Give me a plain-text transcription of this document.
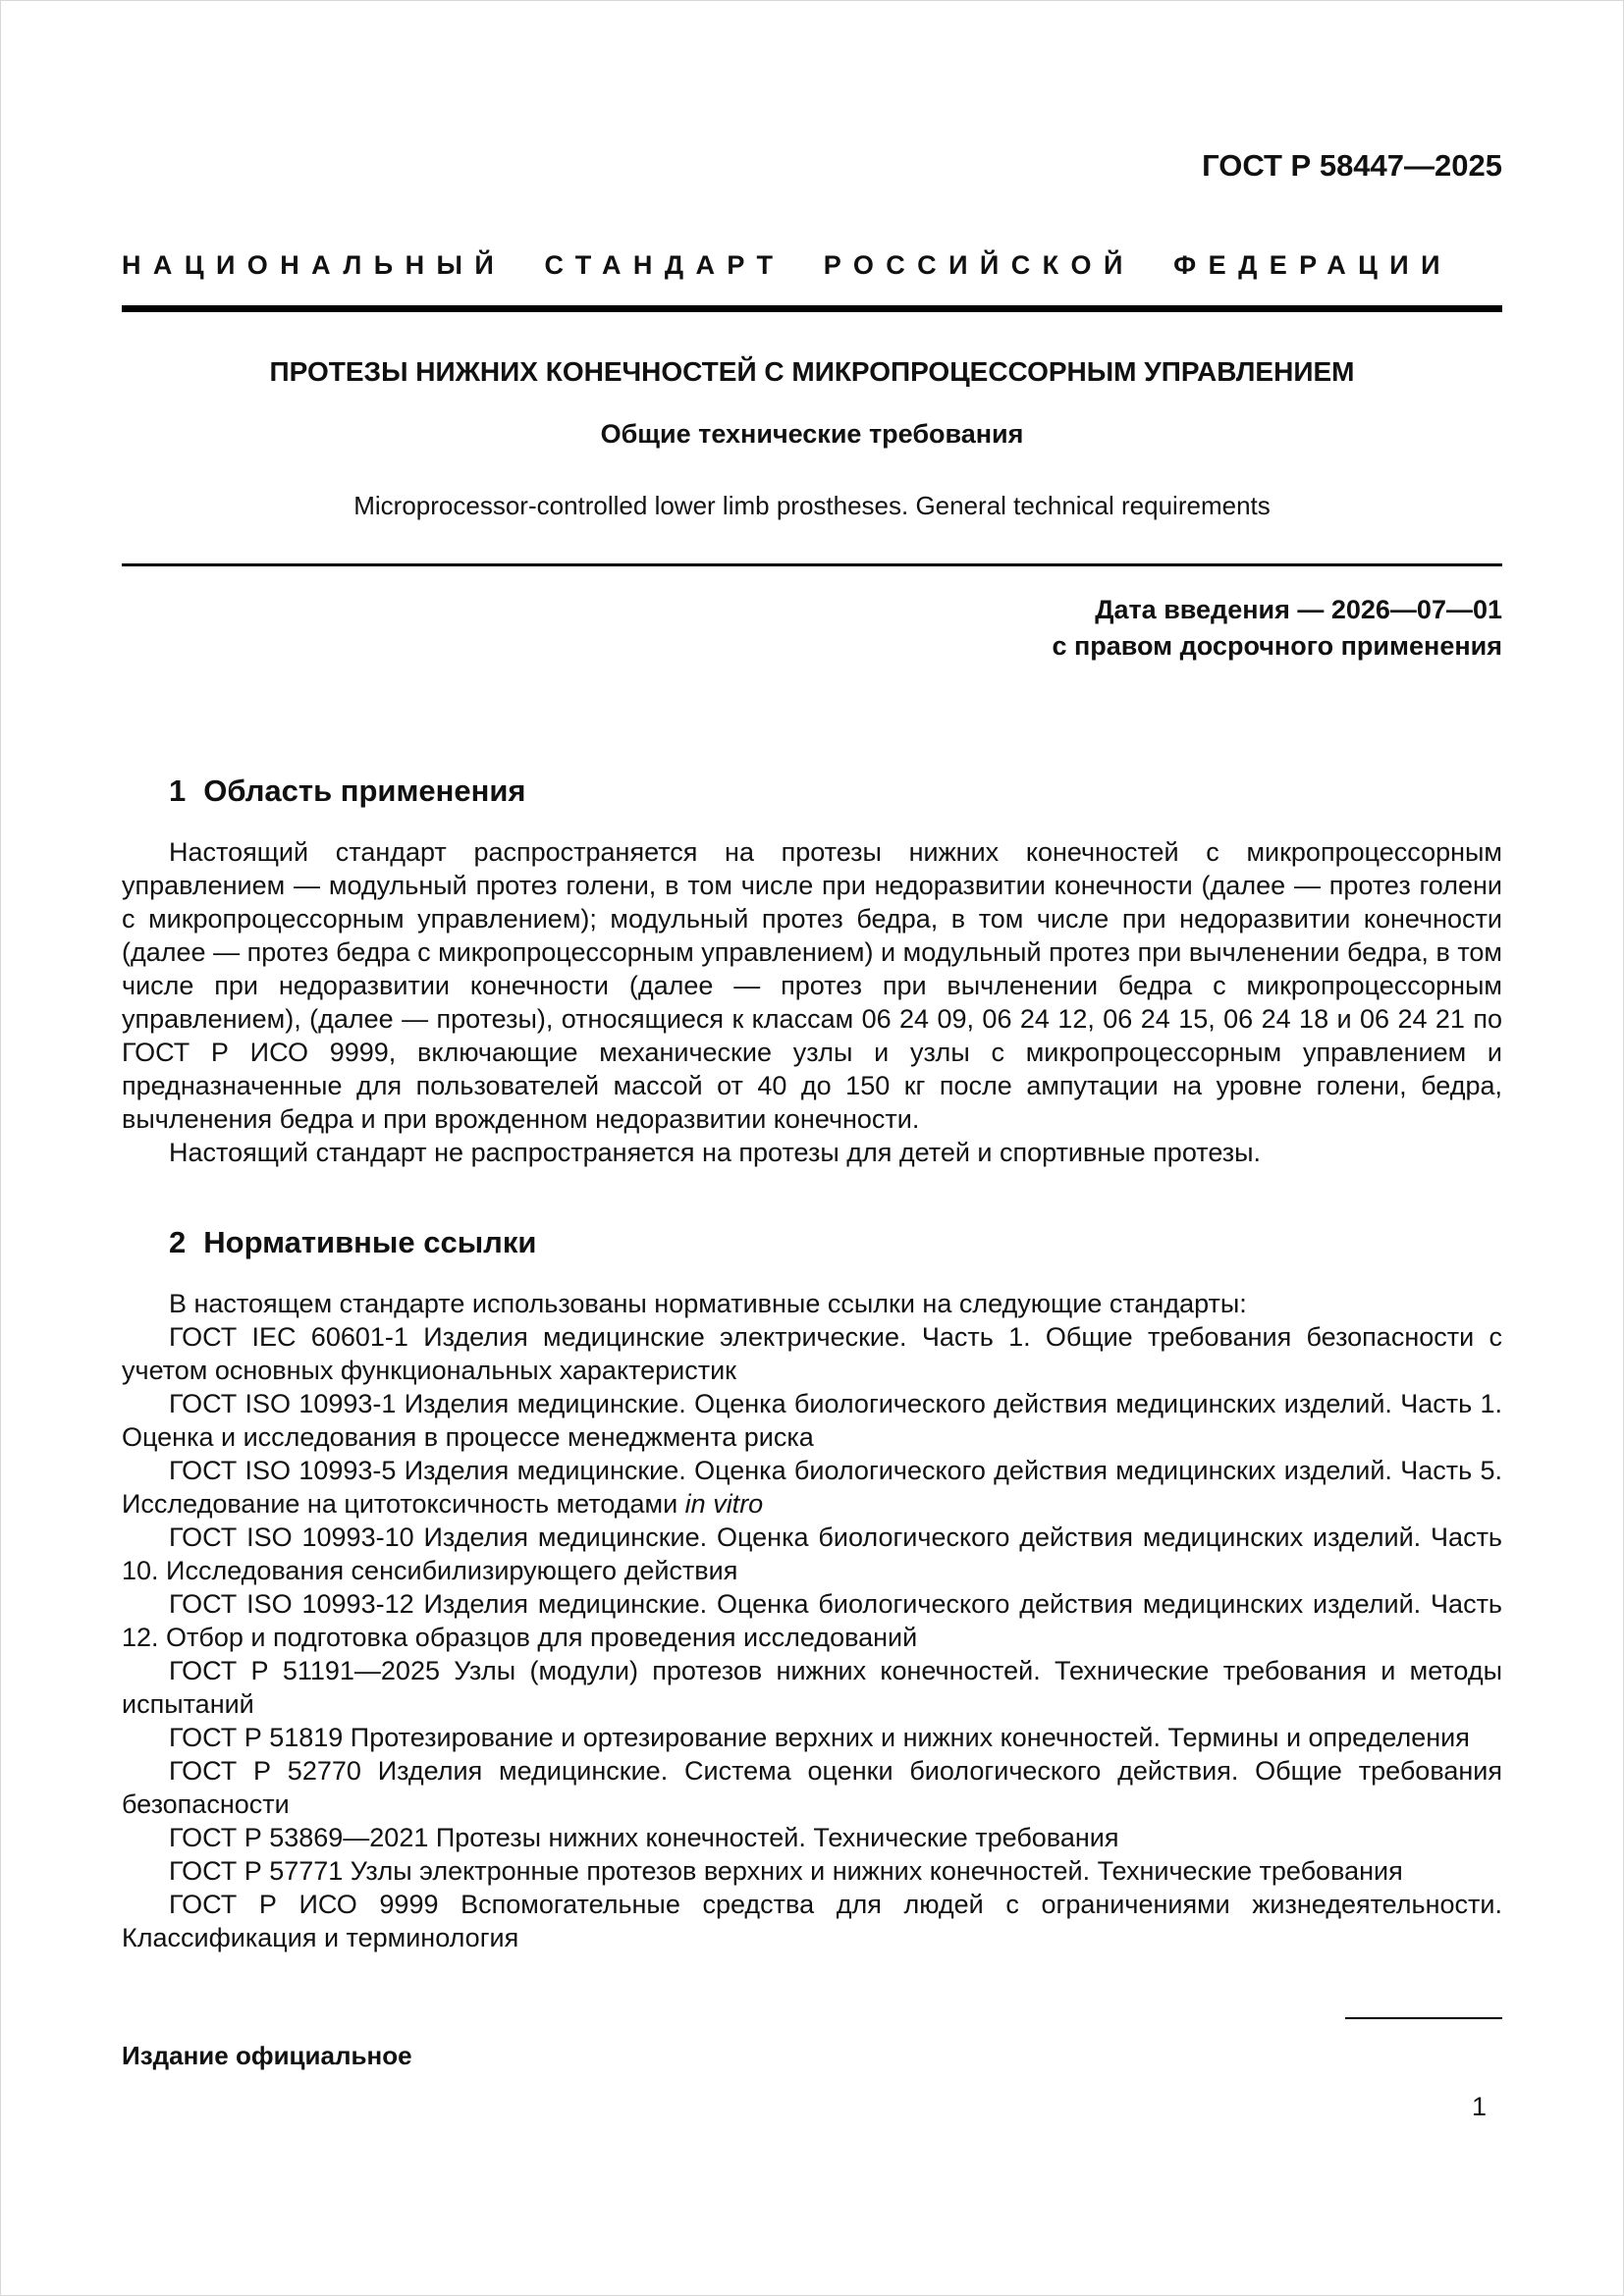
ГОСТ Р 58447—2025
НАЦИОНАЛЬНЫЙ СТАНДАРТ РОССИЙСКОЙ ФЕДЕРАЦИИ
ПРОТЕЗЫ НИЖНИХ КОНЕЧНОСТЕЙ С МИКРОПРОЦЕССОРНЫМ УПРАВЛЕНИЕМ
Общие технические требования
Microprocessor-controlled lower limb prostheses. General technical requirements
Дата введения — 2026—07—01
с правом досрочного применения
1 Область применения

Настоящий стандарт распространяется на протезы нижних конечностей с микропроцессорным управлением — модульный протез голени, в том числе при недоразвитии конечности (далее — протез голени с микропроцессорным управлением); модульный протез бедра, в том числе при недоразвитии конечности (далее — протез бедра с микропроцессорным управлением) и модульный протез при вычленении бедра, в том числе при недоразвитии конечности (далее — протез при вычленении бедра с микропроцессорным управлением), (далее — протезы), относящиеся к классам 06 24 09, 06 24 12, 06 24 15, 06 24 18 и 06 24 21 по ГОСТ Р ИСО 9999, включающие механические узлы и узлы с микропроцессорным управлением и предназначенные для пользователей массой от 40 до 150 кг после ампутации на уровне голени, бедра, вычленения бедра и при врожденном недоразвитии конечности.

Настоящий стандарт не распространяется на протезы для детей и спортивные протезы.

2 Нормативные ссылки

В настоящем стандарте использованы нормативные ссылки на следующие стандарты:

ГОСТ IEC 60601-1 Изделия медицинские электрические. Часть 1. Общие требования безопасности с учетом основных функциональных характеристик

ГОСТ ISO 10993-1 Изделия медицинские. Оценка биологического действия медицинских изделий. Часть 1. Оценка и исследования в процессе менеджмента риска

ГОСТ ISO 10993-5 Изделия медицинские. Оценка биологического действия медицинских изделий. Часть 5. Исследование на цитотоксичность методами in vitro

ГОСТ ISO 10993-10 Изделия медицинские. Оценка биологического действия медицинских изделий. Часть 10. Исследования сенсибилизирующего действия

ГОСТ ISO 10993-12 Изделия медицинские. Оценка биологического действия медицинских изделий. Часть 12. Отбор и подготовка образцов для проведения исследований

ГОСТ Р 51191—2025 Узлы (модули) протезов нижних конечностей. Технические требования и методы испытаний

ГОСТ Р 51819 Протезирование и ортезирование верхних и нижних конечностей. Термины и определения

ГОСТ Р 52770 Изделия медицинские. Система оценки биологического действия. Общие требования безопасности

ГОСТ Р 53869—2021 Протезы нижних конечностей. Технические требования

ГОСТ Р 57771 Узлы электронные протезов верхних и нижних конечностей. Технические требования

ГОСТ Р ИСО 9999 Вспомогательные средства для людей с ограничениями жизнедеятельности. Классификация и терминология

Издание официальное
1
